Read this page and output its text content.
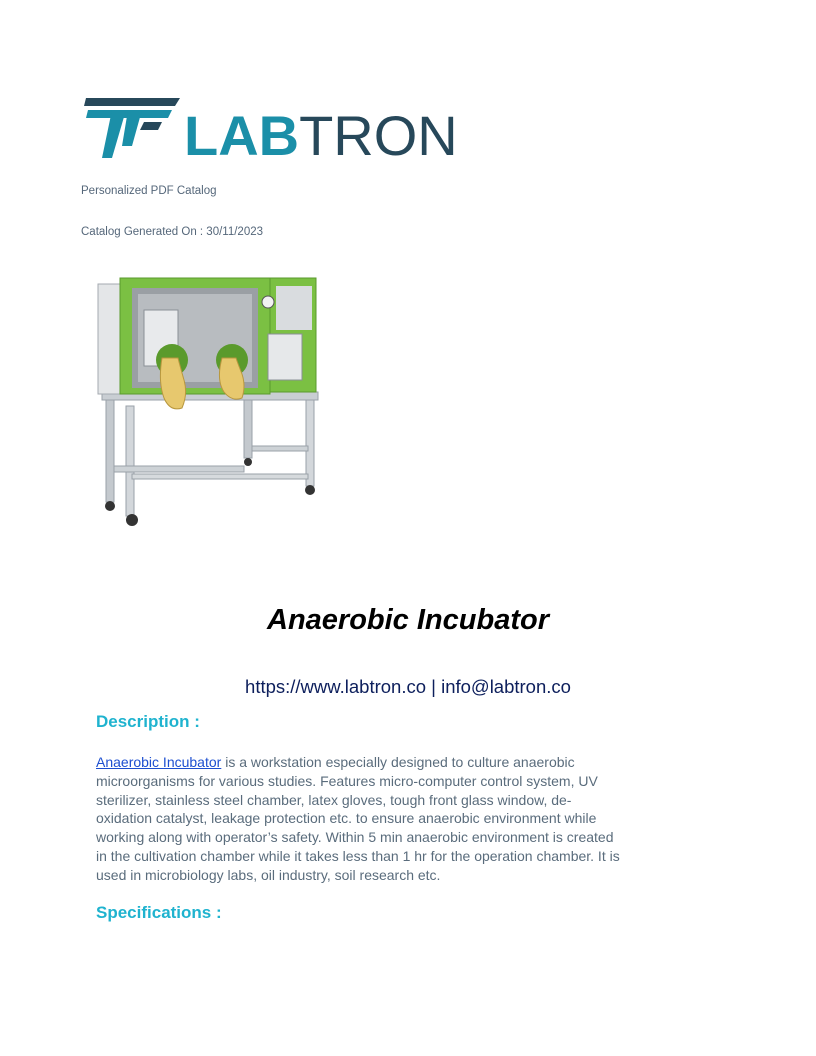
LABTRON
Personalized PDF Catalog
Catalog Generated On : 30/11/2023
Anaerobic Incubator
https://www.labtron.co | info@labtron.co
Description :
Anaerobic Incubator is a workstation especially designed to culture anaerobic microorganisms for various studies. Features micro-computer control system, UV sterilizer, stainless steel chamber, latex gloves, tough front glass window, de-oxidation catalyst, leakage protection etc. to ensure anaerobic environment while working along with operator’s safety. Within 5 min anaerobic environment is created in the cultivation chamber while it takes less than 1 hr for the operation chamber. It is used in microbiology labs, oil industry, soil research etc.
Specifications :
